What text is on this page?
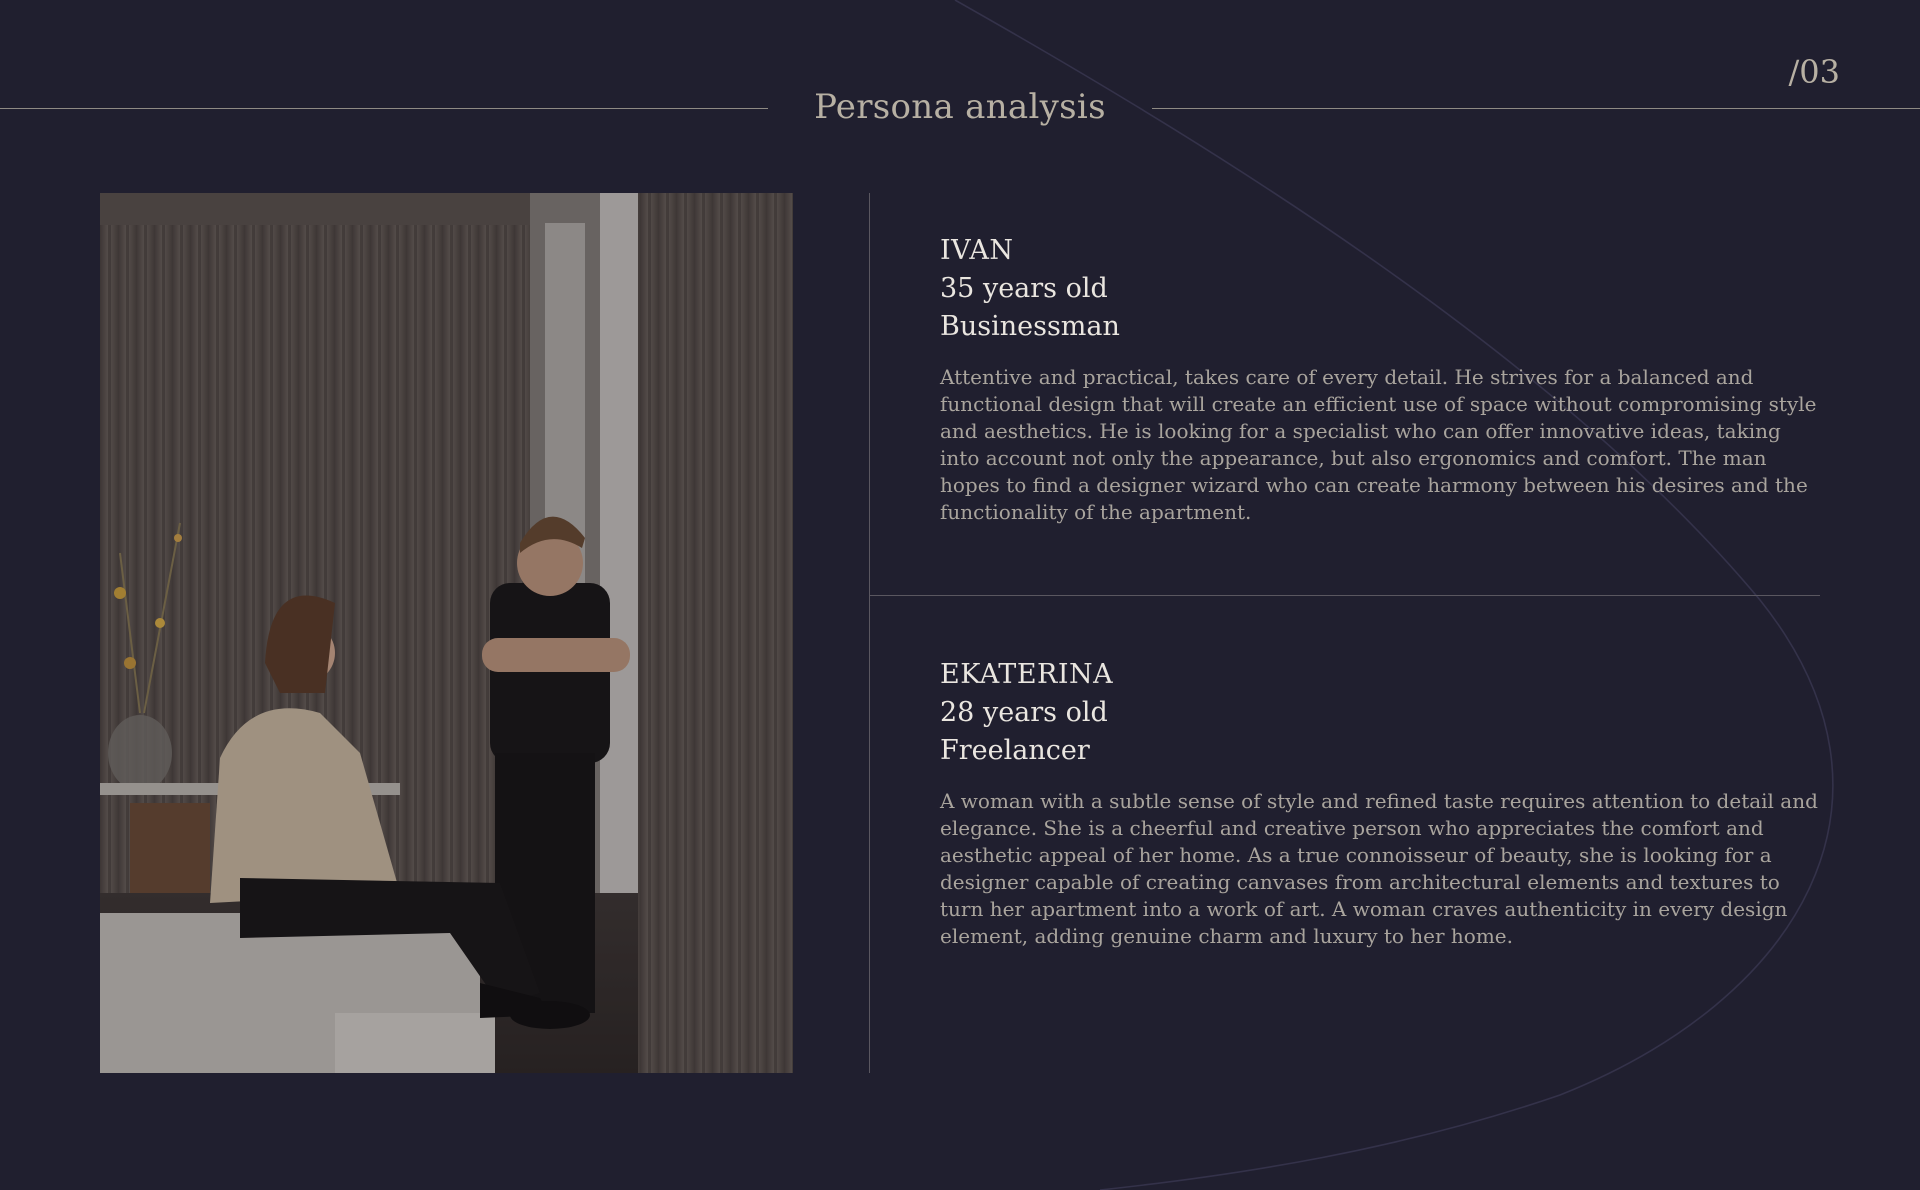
Persona analysis
/03
IVAN
35 years old
Businessman
Attentive and practical, takes care of every detail. He strives for a balanced and functional design that will create an efficient use of space without compromising style and aesthetics. He is looking for a specialist who can offer innovative ideas, taking into account not only the appearance, but also ergonomics and comfort. The man hopes to find a designer wizard who can create harmony between his desires and the functionality of the apartment.
EKATERINA
28 years old
Freelancer
A woman with a subtle sense of style and refined taste requires attention to detail and elegance. She is a cheerful and creative person who appreciates the comfort and aesthetic appeal of her home. As a true connoisseur of beauty, she is looking for a designer capable of creating canvases from architectural elements and textures to turn her apartment into a work of art. A woman craves authenticity in every design element, adding genuine charm and luxury to her home.
